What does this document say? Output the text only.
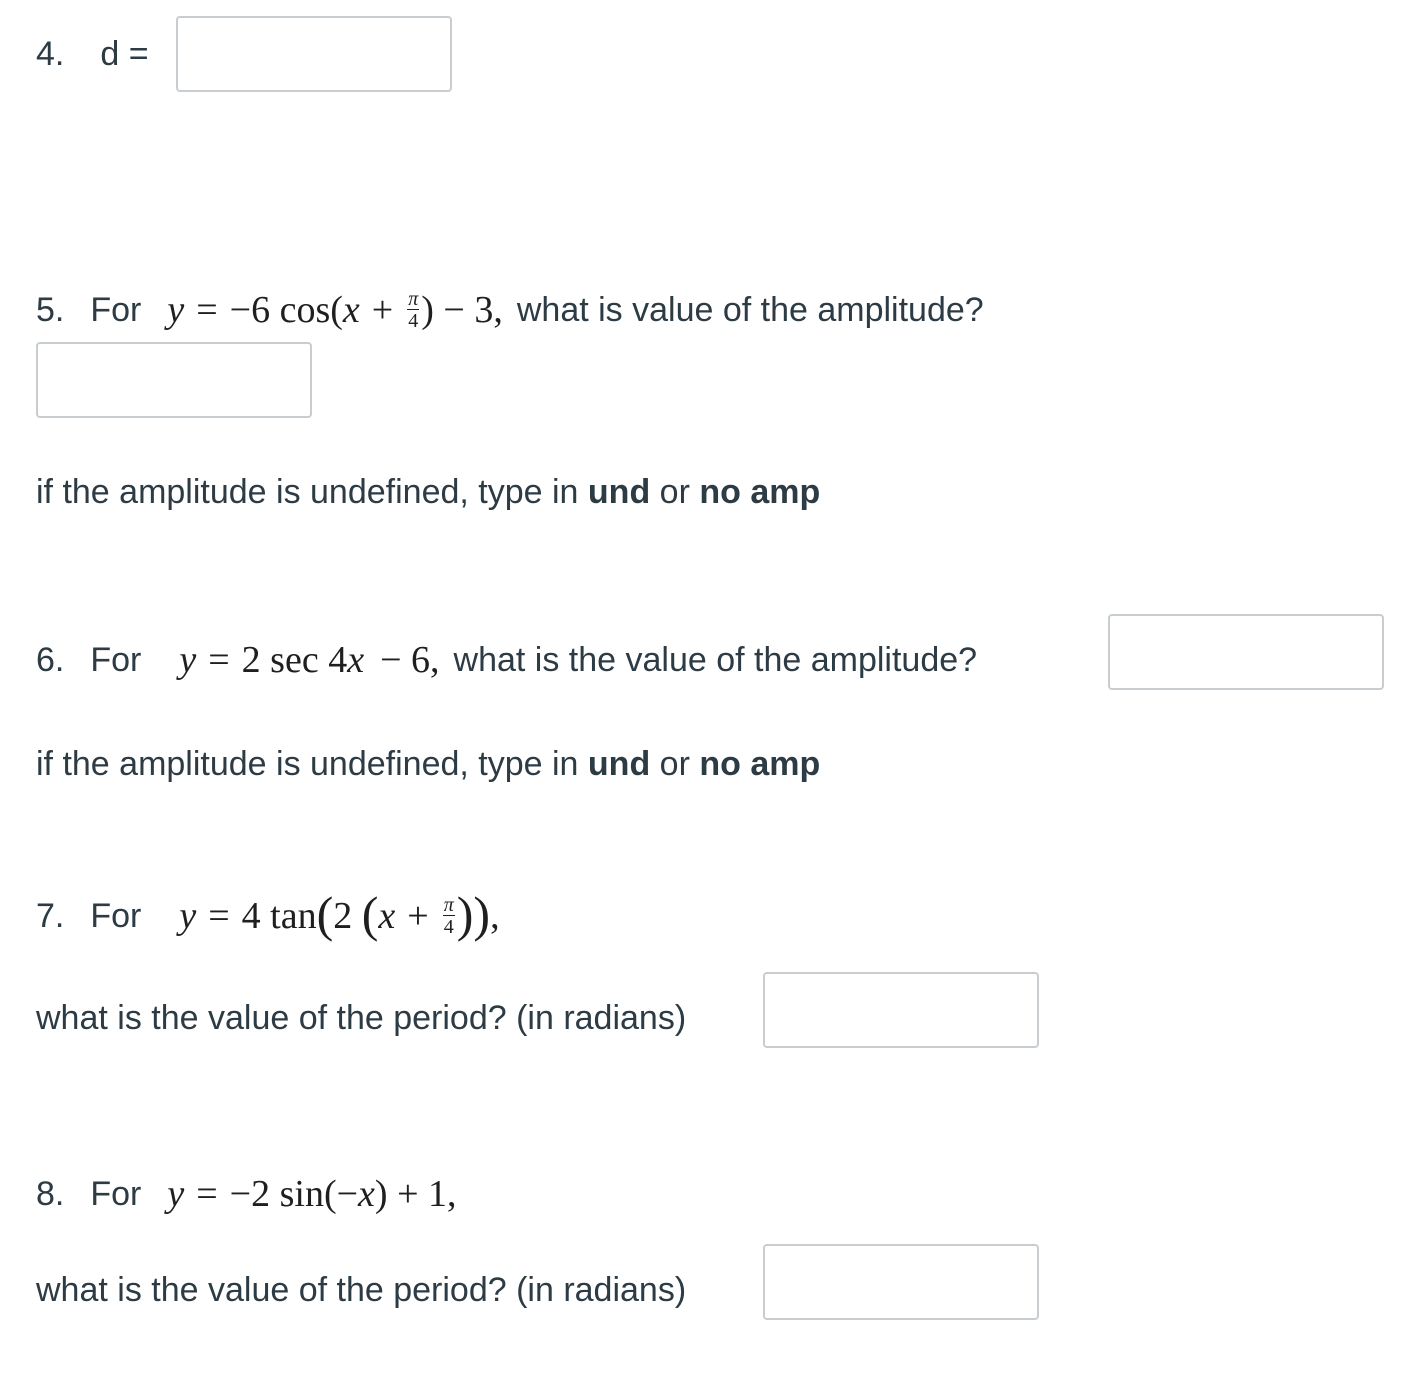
4. d =
5. For y = −6 cos( $x + \frac{\pi}{4}$ ) − 3, what is value of the amplitude?
if the amplitude is undefined, type in und or no amp
6. For y = 2 sec 4 x − 6, what is the value of the amplitude?
if the amplitude is undefined, type in und or no amp
7. For y = 4 tan ( 2 ( $x + \frac{\pi}{4}$ ) ) ,
what is the value of the period? (in radians)
8. For y = −2 sin(− x ) + 1,
what is the value of the period? (in radians)
